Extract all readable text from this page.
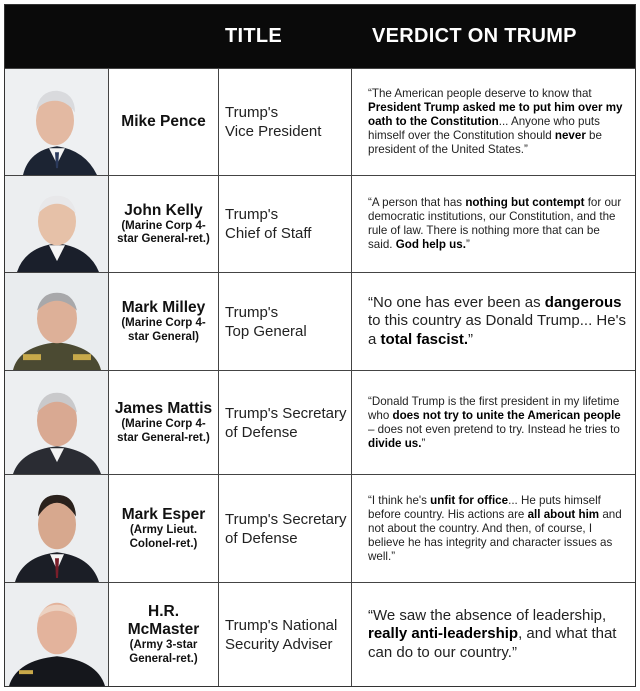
TITLE	VERDICT ON TRUMP
Mike Pence
Trump's
Vice President
“The American people deserve to know that President Trump asked me to put him over my oath to the Constitution... Anyone who puts himself over the Constitution should never be president of the United States.”
John Kelly
(Marine Corp 4-star General-ret.)
Trump's
Chief of Staff
“A person that has nothing but contempt for our democratic institutions, our Constitution, and the rule of law. There is nothing more that can be said. God help us.”
Mark Milley
(Marine Corp 4-star General)
Trump's
Top General
“No one has ever been as dangerous to this country as Donald Trump... He's a total fascist.”
James Mattis
(Marine Corp 4-star General-ret.)
Trump's Secretary
of Defense
“Donald Trump is the first president in my lifetime who does not try to unite the American people – does not even pretend to try. Instead he tries to divide us.”
Mark Esper
(Army Lieut. Colonel-ret.)
Trump's Secretary
of Defense
“I think he's unfit for office... He puts himself before country. His actions are all about him and not about the country. And then, of course, I believe he has integrity and character issues as well.”
H.R. McMaster
(Army 3-star General-ret.)
Trump's National
Security Adviser
“We saw the absence of leadership, really anti-leadership, and what that can do to our country.”
